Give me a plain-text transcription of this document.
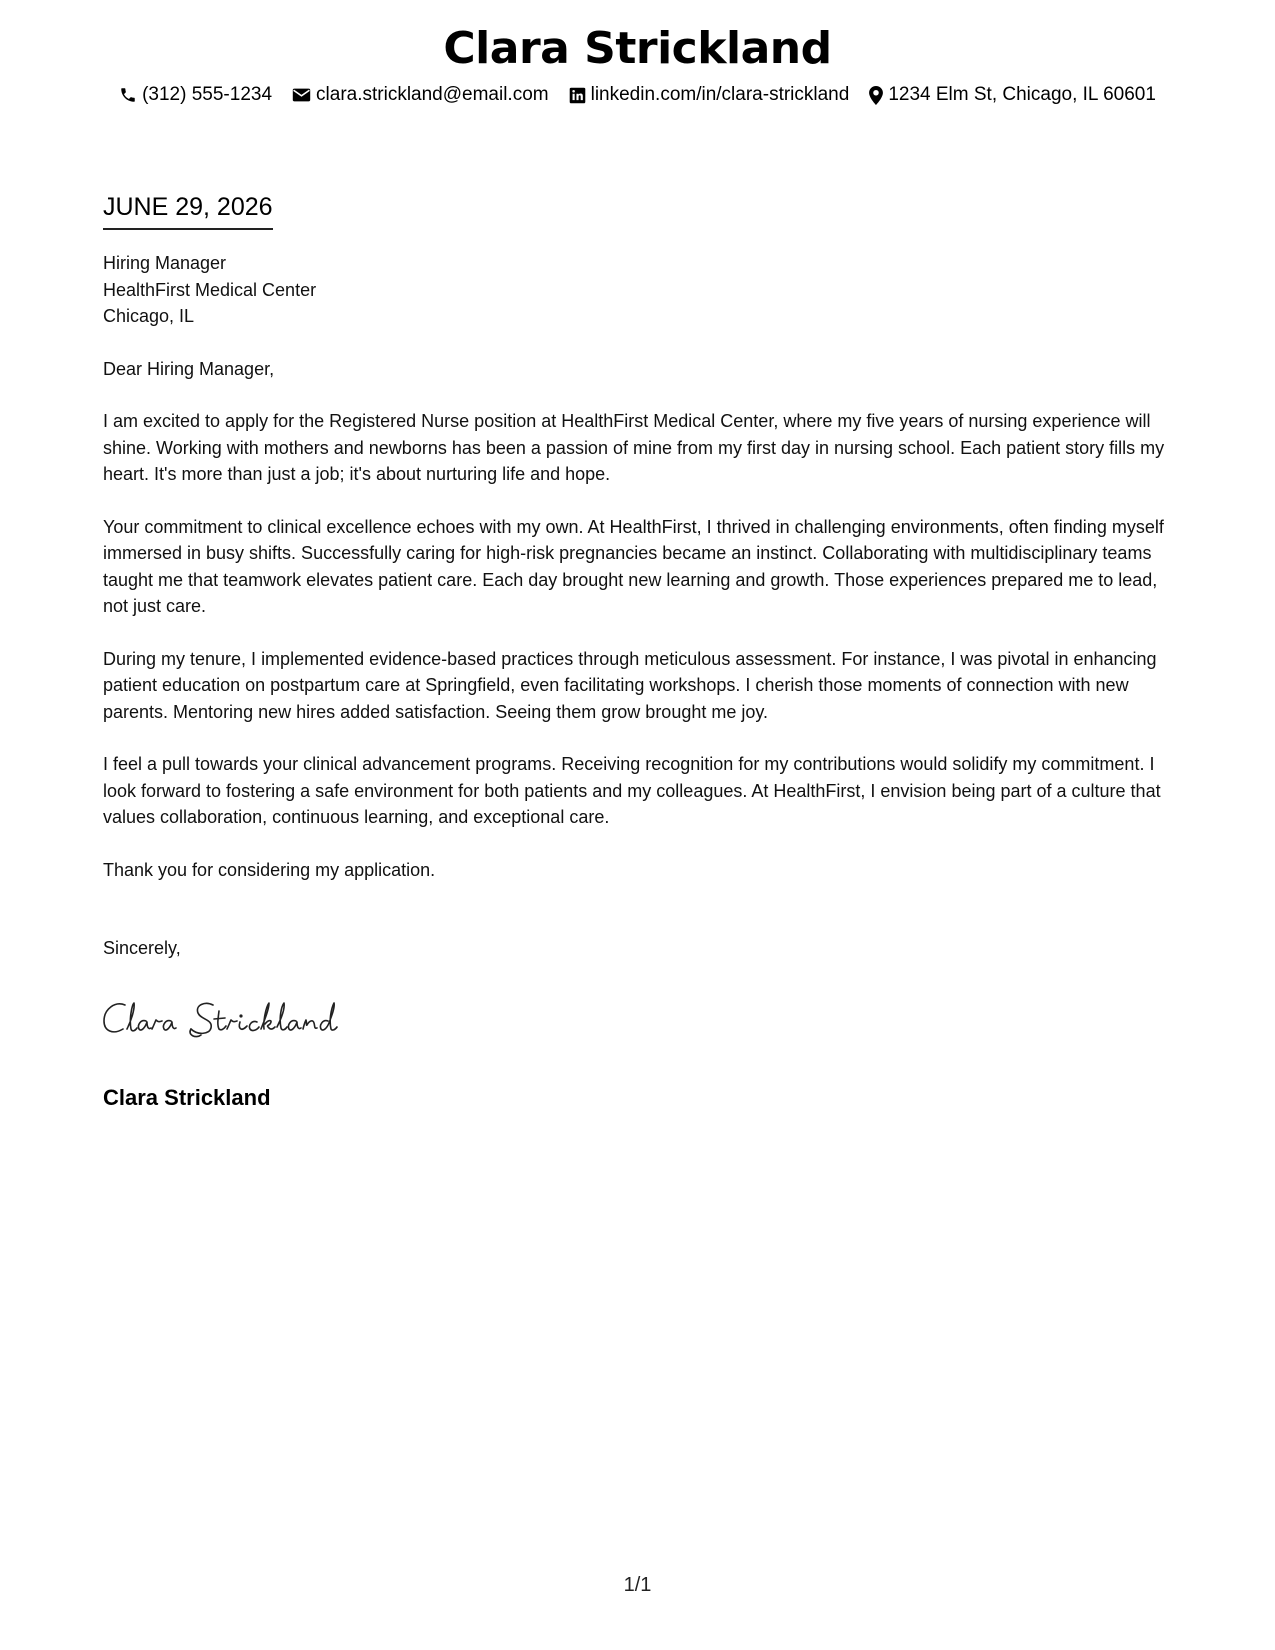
Clara Strickland
(312) 555-1234 clara.strickland@email.com linkedin.com/in/clara-strickland 1234 Elm St, Chicago, IL 60601
JUNE 29, 2026
Hiring Manager
HealthFirst Medical Center
Chicago, IL

Dear Hiring Manager,

I am excited to apply for the Registered Nurse position at HealthFirst Medical Center, where my five years of nursing experience will shine. Working with mothers and newborns has been a passion of mine from my first day in nursing school. Each patient story fills my heart. It's more than just a job; it's about nurturing life and hope.

Your commitment to clinical excellence echoes with my own. At HealthFirst, I thrived in challenging environments, often finding myself immersed in busy shifts. Successfully caring for high-risk pregnancies became an instinct. Collaborating with multidisciplinary teams taught me that teamwork elevates patient care. Each day brought new learning and growth. Those experiences prepared me to lead, not just care.

During my tenure, I implemented evidence-based practices through meticulous assessment. For instance, I was pivotal in enhancing patient education on postpartum care at Springfield, even facilitating workshops. I cherish those moments of connection with new parents. Mentoring new hires added satisfaction. Seeing them grow brought me joy.

I feel a pull towards your clinical advancement programs. Receiving recognition for my contributions would solidify my commitment. I look forward to fostering a safe environment for both patients and my colleagues. At HealthFirst, I envision being part of a culture that values collaboration, continuous learning, and exceptional care.

Thank you for considering my application.

Sincerely,

Clara Strickland
1/1
